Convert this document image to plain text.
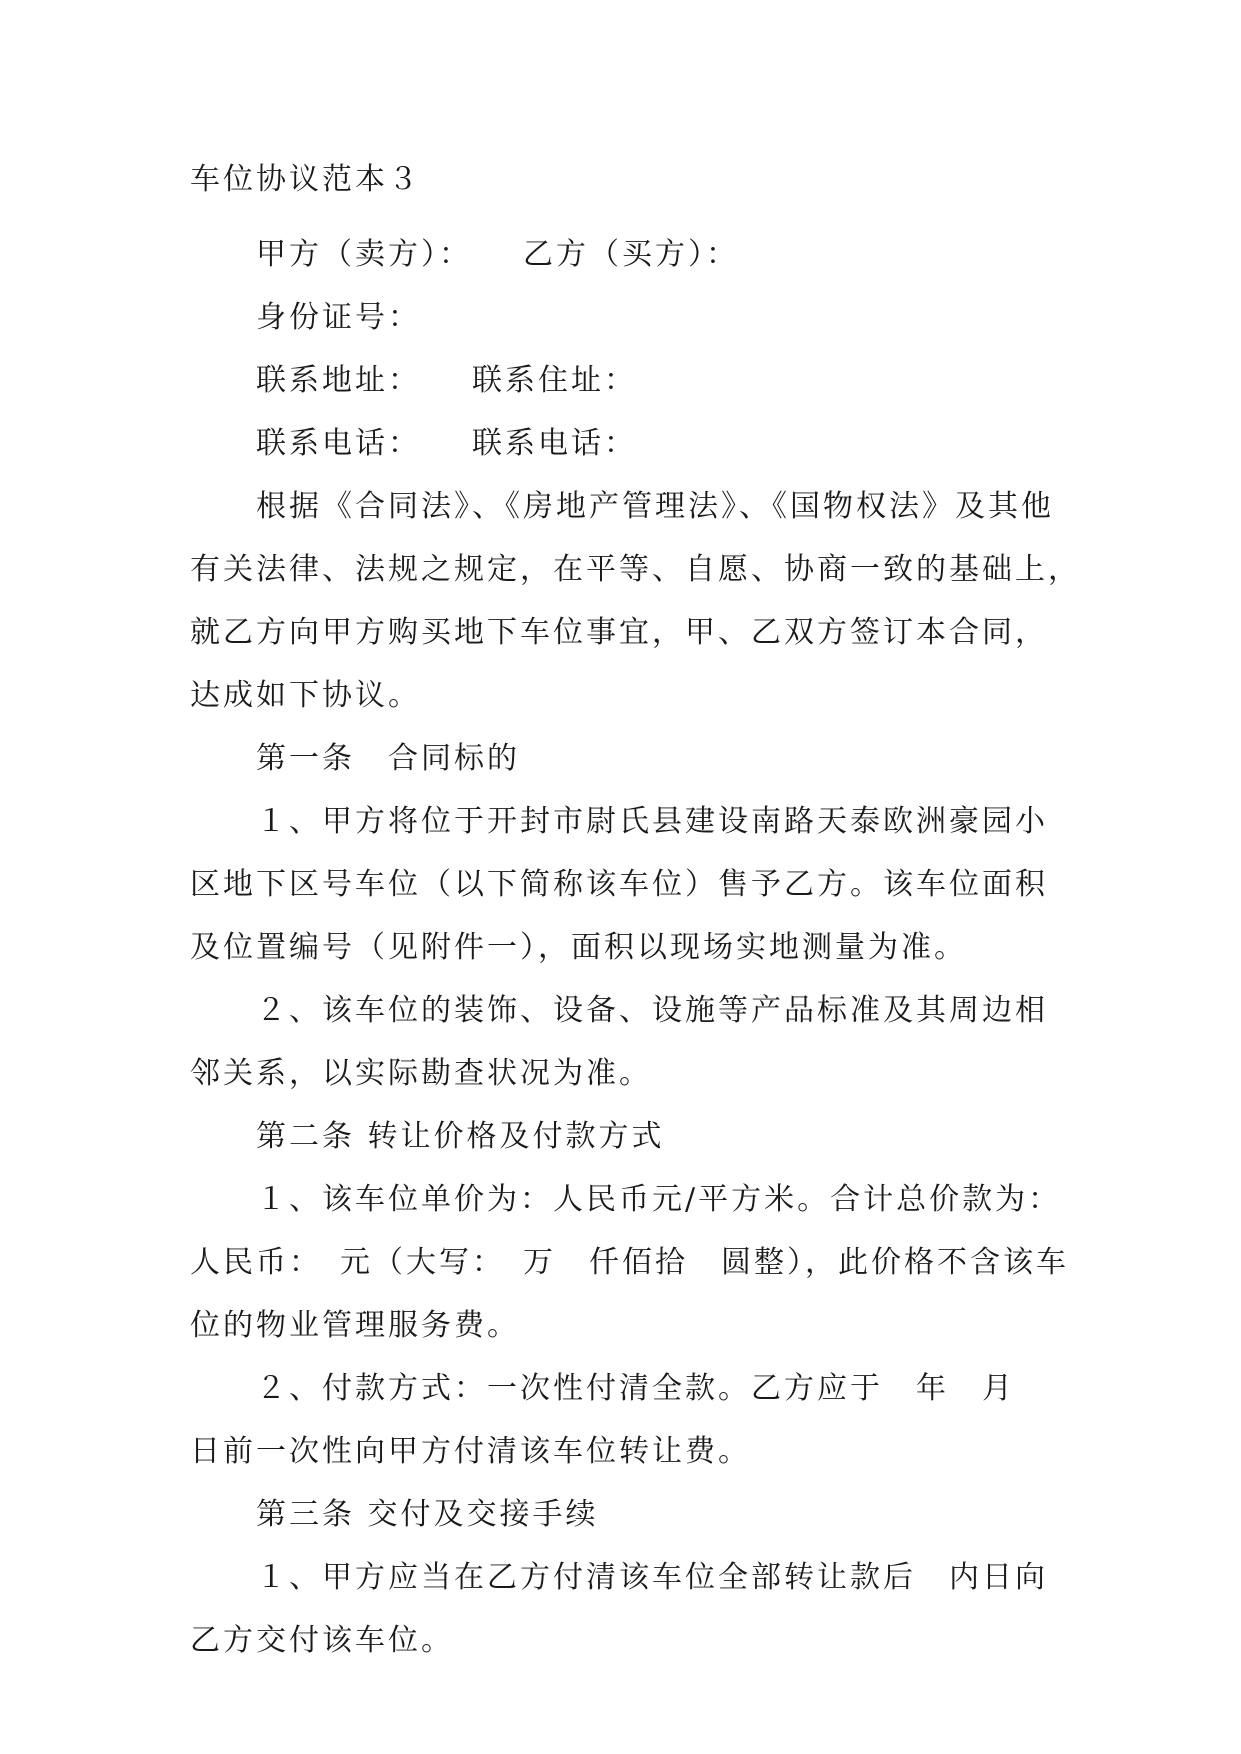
车位协议范本３
甲方（卖方）：　　乙方（买方）：
身份证号：
联系地址：　　联系住址：
联系电话：　　联系电话：
根据《合同法》、《房地产管理法》、《国物权法》及其他
有关法律、法规之规定，在平等、自愿、协商一致的基础上，
就乙方向甲方购买地下车位事宜，甲、乙双方签订本合同，
达成如下协议。
第一条　合同标的
１、甲方将位于开封市尉氏县建设南路天泰欧洲豪园小
区地下区号车位（以下简称该车位）售予乙方。该车位面积
及位置编号（见附件一），面积以现场实地测量为准。
２、该车位的装饰、设备、设施等产品标准及其周边相
邻关系，以实际勘查状况为准。
第二条 转让价格及付款方式
１、该车位单价为：人民币元/平方米。合计总价款为：
人民币：　元（大写：　万　仟佰拾　圆整），此价格不含该车
位的物业管理服务费。
２、付款方式：一次性付清全款。乙方应于　年　月
日前一次性向甲方付清该车位转让费。
第三条 交付及交接手续
１、甲方应当在乙方付清该车位全部转让款后　内日向
乙方交付该车位。
